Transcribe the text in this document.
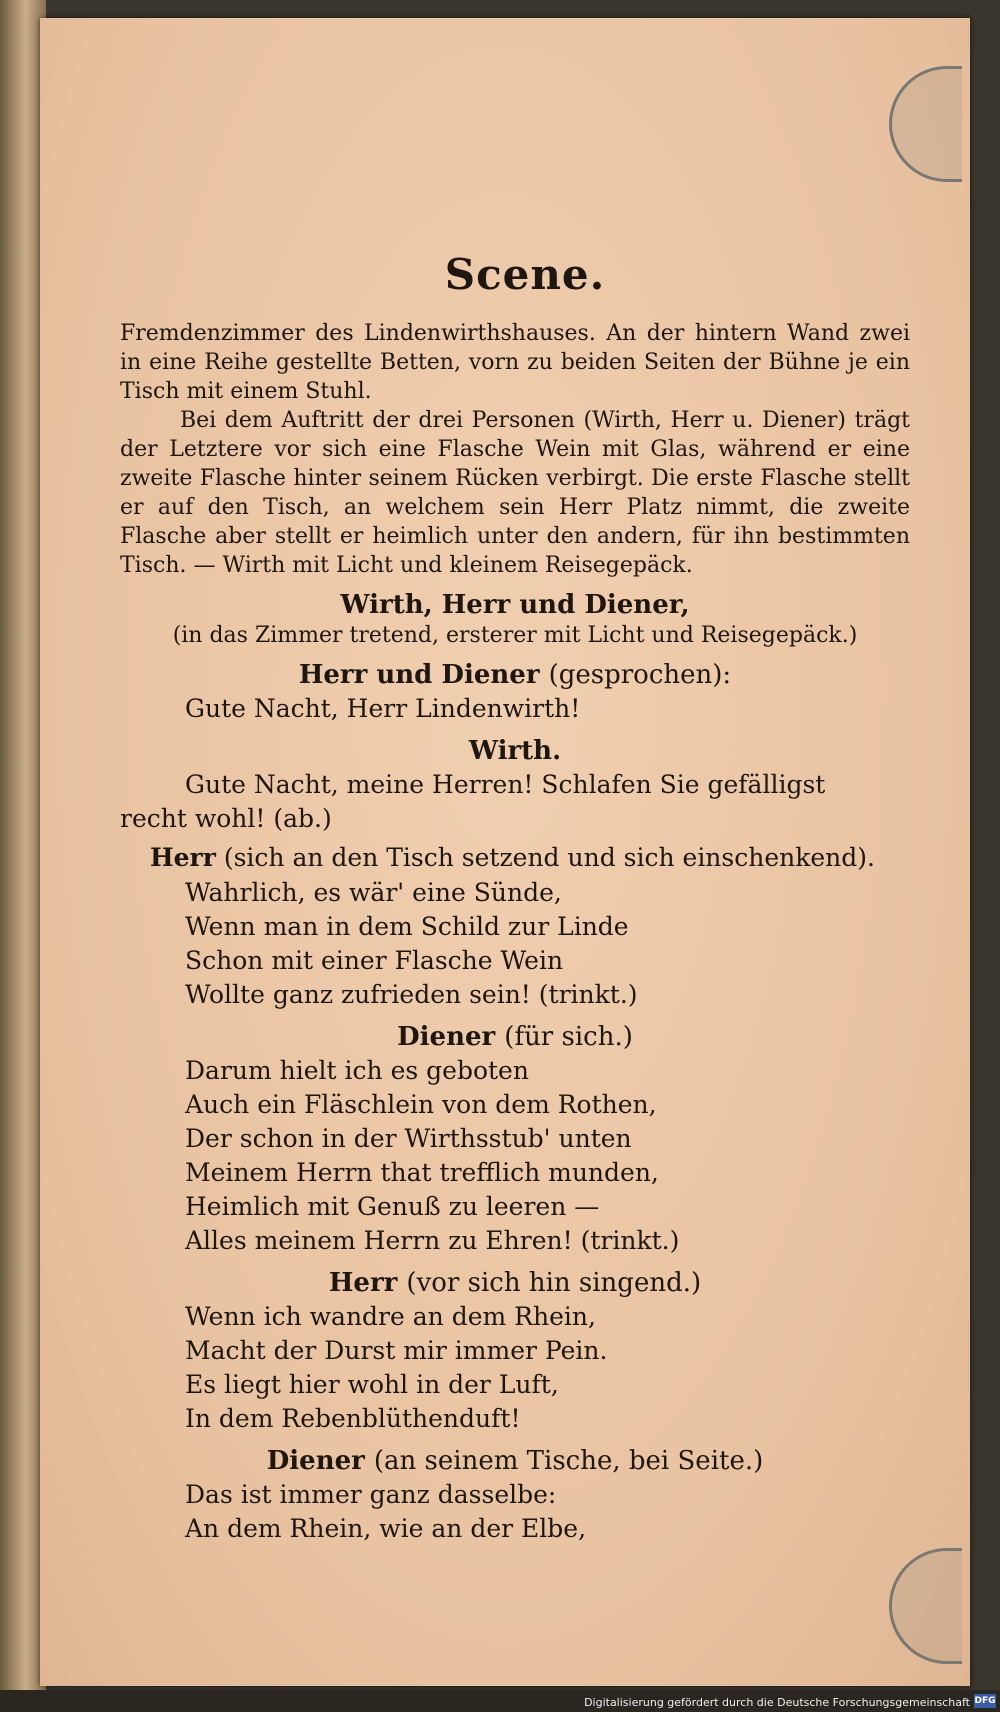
Scene.

Fremdenzimmer des Lindenwirthshauses. An der hintern Wand zwei in eine Reihe gestellte Betten, vorn zu beiden Seiten der Bühne je ein Tisch mit einem Stuhl.

Bei dem Auftritt der drei Personen (Wirth, Herr u. Diener) trägt der Letztere vor sich eine Flasche Wein mit Glas, während er eine zweite Flasche hinter seinem Rücken verbirgt. Die erste Flasche stellt er auf den Tisch, an welchem sein Herr Platz nimmt, die zweite Flasche aber stellt er heimlich unter den andern, für ihn bestimmten Tisch. — Wirth mit Licht und kleinem Reisegepäck.

Wirth, Herr und Diener,
(in das Zimmer tretend, ersterer mit Licht und Reisegepäck.)
Herr und Diener (gesprochen):
Gute Nacht, Herr Lindenwirth!
Wirth.
Gute Nacht, meine Herren! Schlafen Sie gefälligst
recht wohl! (ab.)
Herr (sich an den Tisch setzend und sich einschenkend).
Wahrlich, es wär' eine Sünde,
Wenn man in dem Schild zur Linde
Schon mit einer Flasche Wein
Wollte ganz zufrieden sein! (trinkt.)
Diener (für sich.)
Darum hielt ich es geboten
Auch ein Fläschlein von dem Rothen,
Der schon in der Wirthsstub' unten
Meinem Herrn that trefflich munden,
Heimlich mit Genuß zu leeren —
Alles meinem Herrn zu Ehren! (trinkt.)
Herr (vor sich hin singend.)
Wenn ich wandre an dem Rhein,
Macht der Durst mir immer Pein.
Es liegt hier wohl in der Luft,
In dem Rebenblüthenduft!
Diener (an seinem Tische, bei Seite.)
Das ist immer ganz dasselbe:
An dem Rhein, wie an der Elbe,
Digitalisierung gefördert durch die Deutsche Forschungsgemeinschaft DFG
